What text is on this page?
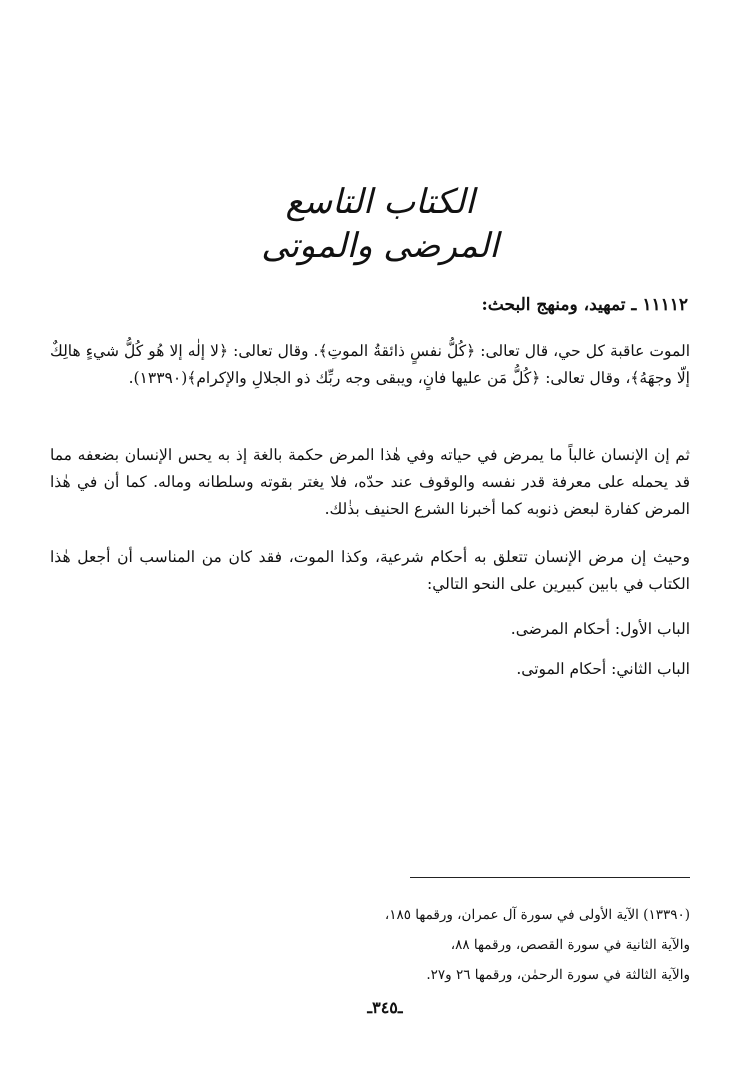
الكتاب التاسع
المرضى والموتى
١١١١٢ ـ تمهيد، ومنهج البحث:
الموت عاقبة كل حي، قال تعالى: ﴿كُلُّ نفسٍ ذائقةُ الموتِ﴾. وقال تعالى: ﴿لا إلٰه إلا هُو كُلُّ شيءٍ هالِكٌ إلّا وجهَهُ﴾، وقال تعالى: ﴿كُلُّ مَن عليها فانٍ، ويبقى وجه ربِّك ذو الجلالِ والإكرام﴾(١٣٣٩٠).
ثم إن الإنسان غالباً ما يمرض في حياته وفي هٰذا المرض حكمة بالغة إذ به يحس الإنسان بضعفه مما قد يحمله على معرفة قدر نفسه والوقوف عند حدّه، فلا يغتر بقوته وسلطانه وماله. كما أن في هٰذا المرض كفارة لبعض ذنوبه كما أخبرنا الشرع الحنيف بذٰلك.
وحيث إن مرض الإنسان تتعلق به أحكام شرعية، وكذا الموت، فقد كان من المناسب أن أجعل هٰذا الكتاب في بابين كبيرين على النحو التالي:
الباب الأول: أحكام المرضى.
الباب الثاني: أحكام الموتى.
(١٣٣٩٠) الآية الأولى في سورة آل عمران، ورقمها ١٨٥،
والآية الثانية في سورة القصص، ورقمها ٨٨،
والآية الثالثة في سورة الرحمٰن، ورقمها ٢٦ و٢٧.
ـ٣٤٥ـ
